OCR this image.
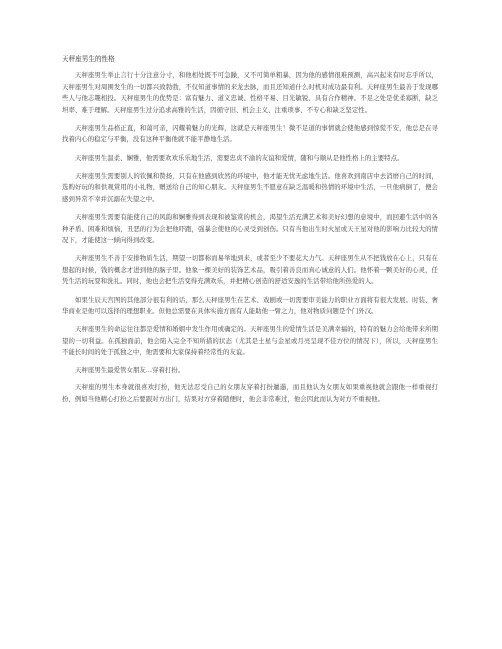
天秤座男生的性格

天秤座男生举止言行十分注意分寸，和他相处既不可急躁，又不可简单粗暴，因为他的感情很难预测，高兴起来有时忘乎所以，天秤座男生对周围发生的一切都兴致勃勃，不仅知道事情的来龙去脉，而且还知道什么时机对成功最有利。天秤座男生最善于发现哪些人与他志趣相投。天秤座男生的优势是：富有魅力、道义忠诚、性格平易、目光敏锐、具有合作精神。不足之处是优柔寡断，缺乏坦率、难于理解。天秤座男生过分追求高雅的生活，因循守旧、机会主义、注重琐事、不专心和缺乏坚定性。

天秤座男生品格正直，和蔼可亲，闪耀着魅力的光辉，这就是天秤座男生！微不足道的事情就会使他感到惊慌不安，他总是在寻找着内心的稳定与平衡，没有这种平衡他就不能平静地生活。

天秤座男生温柔、娴雅，他需要欢欢乐乐地生活，需要忠贞不渝的友谊和爱情，随和与顺从是他性格上的主要特点。

天秤座男生需要别人的钦佩和赞扬，只有在他感到欣然的环境中，他才能无忧无虑地生活。他喜欢到南店中去消磨自己的时间，选购好玩的和供观赏用的小礼物，赠送给自己的知心朋友。天秤座男生不愿意在缺乏温暖和热情的环境中生活，一旦他病倒了，便会感到异常不幸并沉溺在失望之中。

天秤座男生需要有能使自己的风韵和娴雅得到表现和被鉴赏的机会，渴望生活充满艺术和美好幻想的意境中，而回避生活中的各种矛盾、困难和烦恼，丑恶的行为会把他吓跑，强暴会使他的心灵受到创伤。只有当他出生时火星或天王星对他的影响力比较大的情况下，才能使这一倾向得到改变。

天秤座男生不善于安排物质生活，期望一切都称而易举地到来，或者至少不要花大力气。天秤座男生从不把钱放在心上，只有在想起的时候，钱的概念才进到他的脑子里。他象一棵美好的装饰艺术品，吸引着善良而真心诚意的人们。他怀着一颗美好的心灵，任凭生活的玩耍和洗礼。同时，他也会把生活变得充满欢乐，并把精心创造的舒适安逸的生活带给他所热爱的人。

如果生辰天宫图的其他部分很有利的话，那么天秤座男生在艺术、戏剧或一切需要审美能力的职业方面将有很大发展。时装、奢华商业是他可以选择的理想职业。但他总需要在具体实施方面有人能助他一臂之力，他对物质问题是个门外汉。

天秤座男生的命运往往都是爱情和婚姻中发生作用或确定的。天秤座男生的爱情生活是美满幸福的，特有的魅力会给他带来所期望的一切利益。在孤独面前，他会陷入完全不知所措的状态（尤其是土星与金星或月亮呈现不佳方位的情况下），所以，天秤座男生不能长时间的处于孤独之中，他需要和大家保持着经常性的友谊。

天秤座男生最爱管女朋友...穿着打扮。

天秤座的男生本身就很喜欢打扮，他无法忍受自己的女朋友穿着打扮邋遢，而且他认为女朋友如果重视他就会跟他一样重视打扮，例如当他精心打扮之后要跟对方出门，结果对方穿着随便时，他会非常难过，他会因此而认为对方不重视他。
